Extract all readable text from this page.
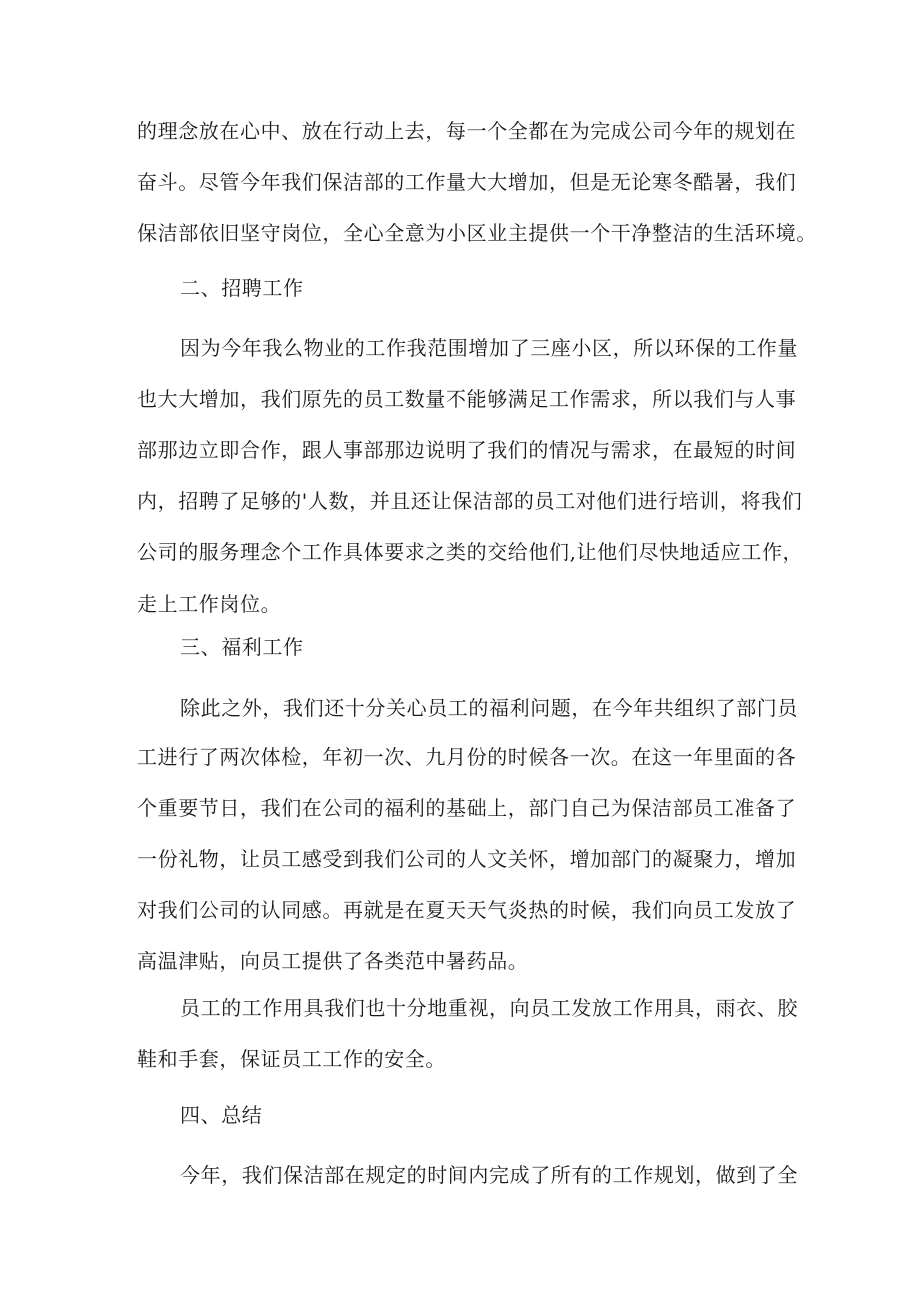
的理念放在心中、放在行动上去，每一个全都在为完成公司今年的规划在
奋斗。尽管今年我们保洁部的工作量大大增加，但是无论寒冬酷暑，我们
保洁部依旧坚守岗位，全心全意为小区业主提供一个干净整洁的生活环境。
二、招聘工作
因为今年我么物业的工作我范围增加了三座小区，所以环保的工作量
也大大增加，我们原先的员工数量不能够满足工作需求，所以我们与人事
部那边立即合作，跟人事部那边说明了我们的情况与需求，在最短的时间
内，招聘了足够的'人数，并且还让保洁部的员工对他们进行培训，将我们
公司的服务理念个工作具体要求之类的交给他们,让他们尽快地适应工作，
走上工作岗位。
三、福利工作
除此之外，我们还十分关心员工的福利问题，在今年共组织了部门员
工进行了两次体检，年初一次、九月份的时候各一次。在这一年里面的各
个重要节日，我们在公司的福利的基础上，部门自己为保洁部员工准备了
一份礼物，让员工感受到我们公司的人文关怀，增加部门的凝聚力，增加
对我们公司的认同感。再就是在夏天天气炎热的时候，我们向员工发放了
高温津贴，向员工提供了各类范中暑药品。
员工的工作用具我们也十分地重视，向员工发放工作用具，雨衣、胶
鞋和手套，保证员工工作的安全。
四、总结
今年，我们保洁部在规定的时间内完成了所有的工作规划，做到了全
